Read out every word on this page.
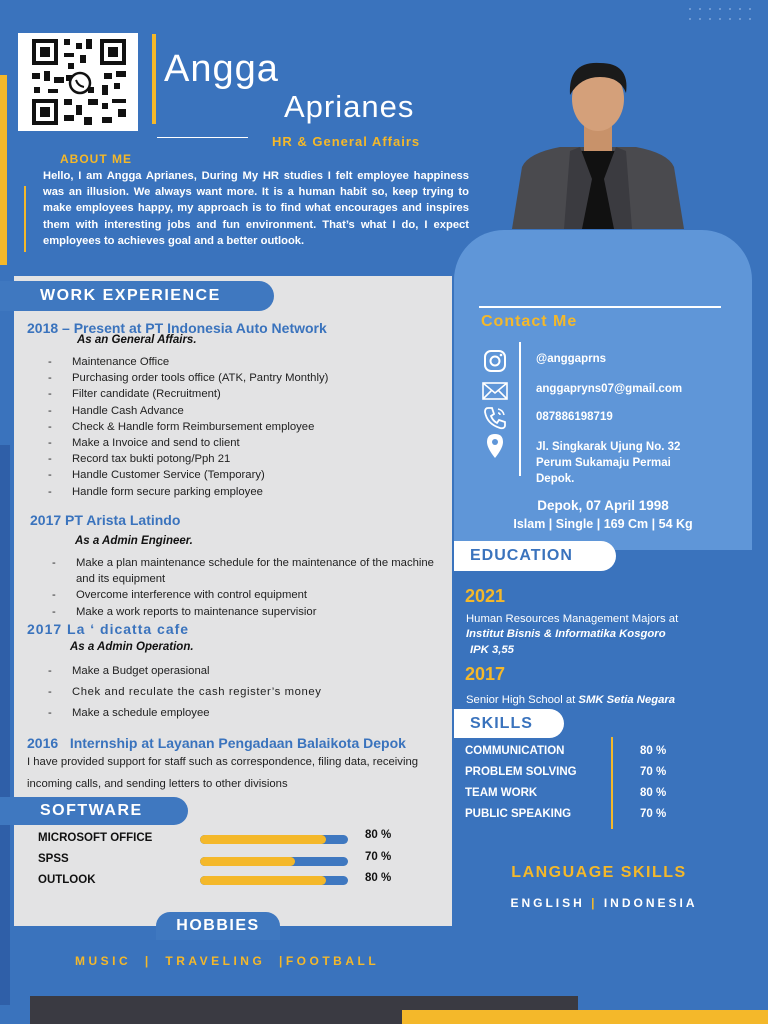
Angga
Aprianes
HR & General Affairs
ABOUT ME
Hello, I am Angga Aprianes, During My HR studies I felt employee happiness was an illusion. We always want more. It is a human habit so, keep trying to make employees happy, my approach is to find what encourages and inspires them with interesting jobs and fun environment. That’s what I do, I expect employees to achieves goal and a better outlook.
WORK EXPERIENCE
2018 – Present at PT Indonesia Auto Network
As an General Affairs.
- Maintenance Office
- Purchasing order tools office (ATK, Pantry Monthly)
- Filter candidate (Recruitment)
- Handle Cash Advance
- Check & Handle form Reimbursement employee
- Make a Invoice and send to client
- Record tax bukti potong/Pph 21
- Handle Customer Service (Temporary)
- Handle form secure parking employee
2017 PT Arista Latindo
As a Admin Engineer.
- Make a plan maintenance schedule for the maintenance of the machine and its equipment
- Overcome interference with control equipment
- Make a work reports to maintenance supervisior
2017 La ‘ dicatta cafe
As a Admin Operation.
- Make a Budget operasional
- Chek and reculate the cash register’s money
- Make a schedule employee
2016   Internship at Layanan Pengadaan Balaikota Depok
I have provided support for staff such as correspondence, filing data, receiving incoming calls, and sending letters to other divisions
SOFTWARE
MICROSOFT OFFICE	80 %
SPSS	70 %
OUTLOOK	80 %
HOBBIES
MUSIC  |  TRAVELING  |FOOTBALL
Contact Me
@anggaprns
anggapryns07@gmail.com
087886198719
Jl. Singkarak Ujung No. 32
Perum Sukamaju Permai
Depok.
Depok, 07 April 1998
Islam | Single | 169 Cm | 54 Kg
EDUCATION
2021
Human Resources Management Majors at
Institut Bisnis & Informatika Kosgoro
IPK 3,55
2017
Senior High School at SMK Setia Negara
SKILLS
COMMUNICATION	80 %
PROBLEM SOLVING	70 %
TEAM WORK	80 %
PUBLIC SPEAKING	70 %
LANGUAGE SKILLS
ENGLISH | INDONESIA
